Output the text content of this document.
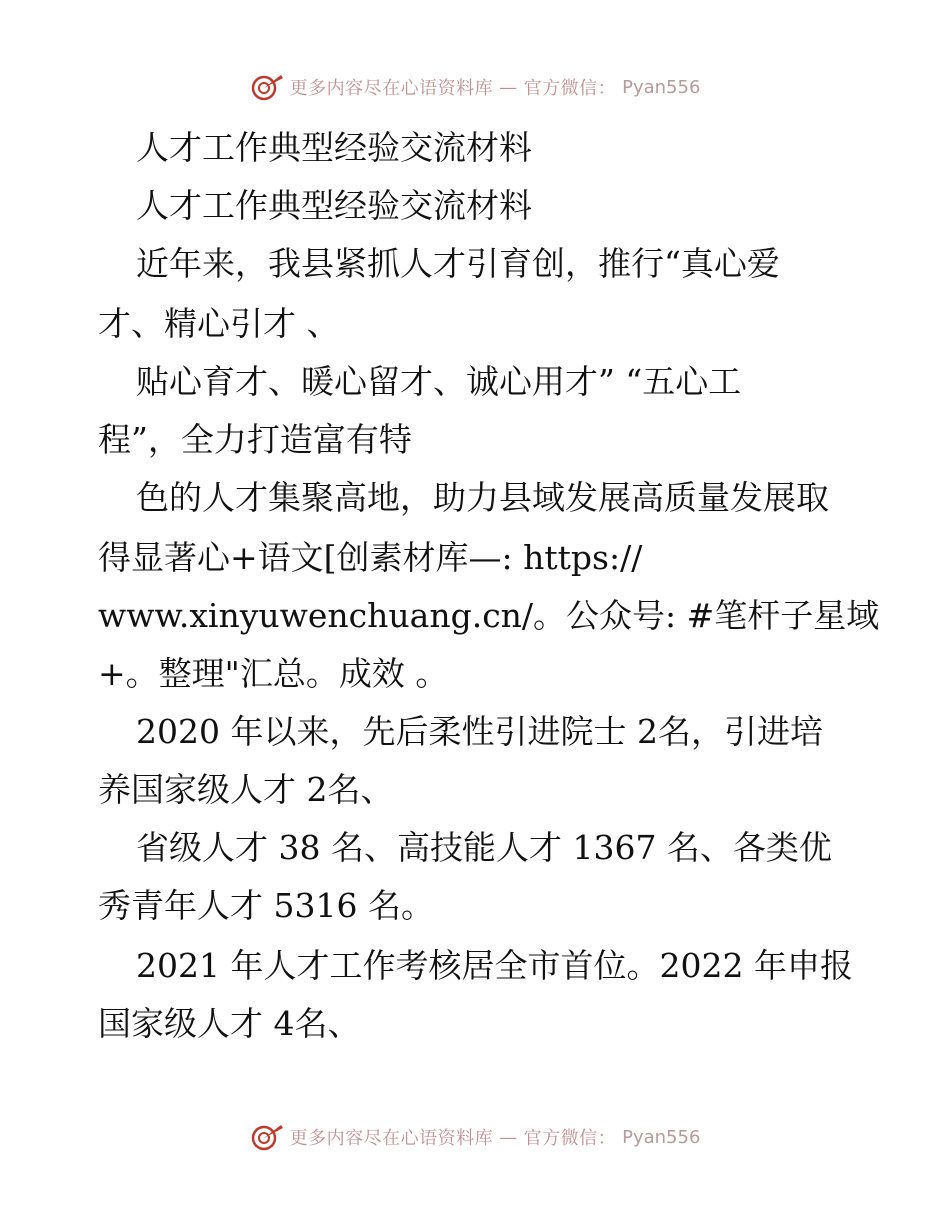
更多内容尽在心语资料库 — 官方微信： Pyan556
人才工作典型经验交流材料
人才工作典型经验交流材料
近年来，我县紧抓人才引育创，推行“真心爱
才、精心引才 、
贴心育才、暖心留才、诚心用才” “五心工
程”，全力打造富有特
色的人才集聚高地，助力县域发展高质量发展取
得显著心+语文[创素材库—: https://
www.xinyuwenchuang.cn/。公众号: #笔杆子星域
+。整理"汇总。成效 。
2020 年以来，先后柔性引进院士 2名，引进培
养国家级人才 2名、
省级人才 38 名、高技能人才 1367 名、各类优
秀青年人才 5316 名。
2021 年人才工作考核居全市首位。2022 年申报
国家级人才 4名、
更多内容尽在心语资料库 — 官方微信： Pyan556
